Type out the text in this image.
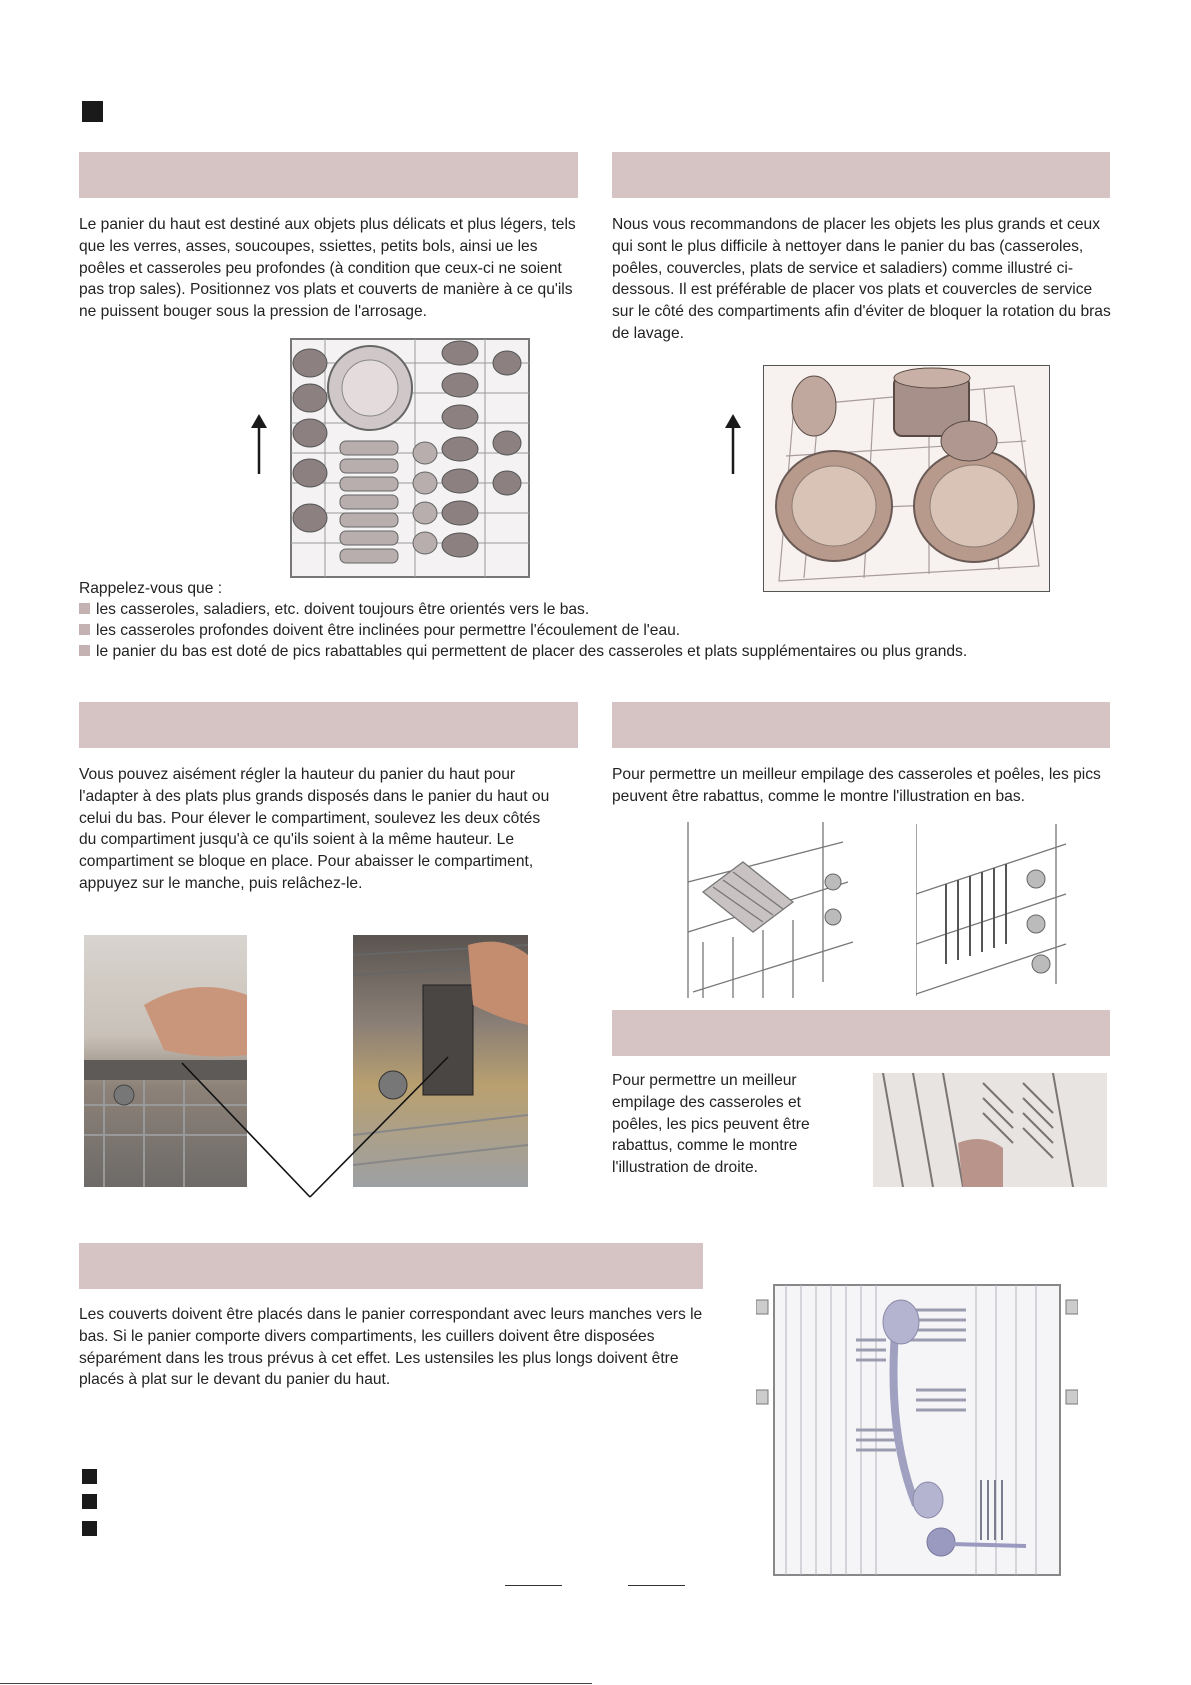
Le panier du haut est destiné aux objets plus délicats et plus légers, tels que les verres, asses, soucoupes, ssiettes, petits bols, ainsi ue les poêles et casseroles peu profondes (à condition que ceux-ci ne soient pas trop sales). Positionnez vos plats et couverts de manière à ce qu'ils ne puissent bouger sous la pression de l'arrosage.
Nous vous recommandons de placer les objets les plus grands et ceux qui sont le plus difficile à nettoyer dans le panier du bas (casseroles, poêles, couvercles, plats de service et saladiers) comme illustré ci-dessous. Il est préférable de placer vos plats et couvercles de service sur le côté des compartiments afin d'éviter de bloquer la rotation du bras de lavage.
Rappelez-vous que :
les casseroles, saladiers, etc. doivent toujours être orientés vers le bas.
les casseroles profondes doivent être inclinées pour permettre l'écoulement de l'eau.
le panier du bas est doté de pics rabattables qui permettent de placer des casseroles et plats supplémentaires ou plus grands.
Vous pouvez aisément régler la hauteur du panier du haut pour l'adapter à des plats plus grands disposés dans le panier du haut ou celui du bas. Pour élever le compartiment, soulevez les deux côtés du compartiment jusqu'à ce qu'ils soient à la même hauteur. Le compartiment se bloque en place. Pour abaisser le compartiment, appuyez sur le manche, puis relâchez-le.
Pour permettre un meilleur empilage des casseroles et poêles, les pics peuvent être rabattus, comme le montre l'illustration en bas.
Pour permettre un meilleur empilage des casseroles et poêles, les pics peuvent être rabattus, comme le montre l'illustration de droite.
Les couverts doivent être placés dans le panier correspondant avec leurs manches vers le bas. Si le panier comporte divers compartiments, les cuillers doivent être disposées séparément dans les trous prévus à cet effet. Les ustensiles les plus longs doivent être placés à plat sur le devant du panier du haut.
